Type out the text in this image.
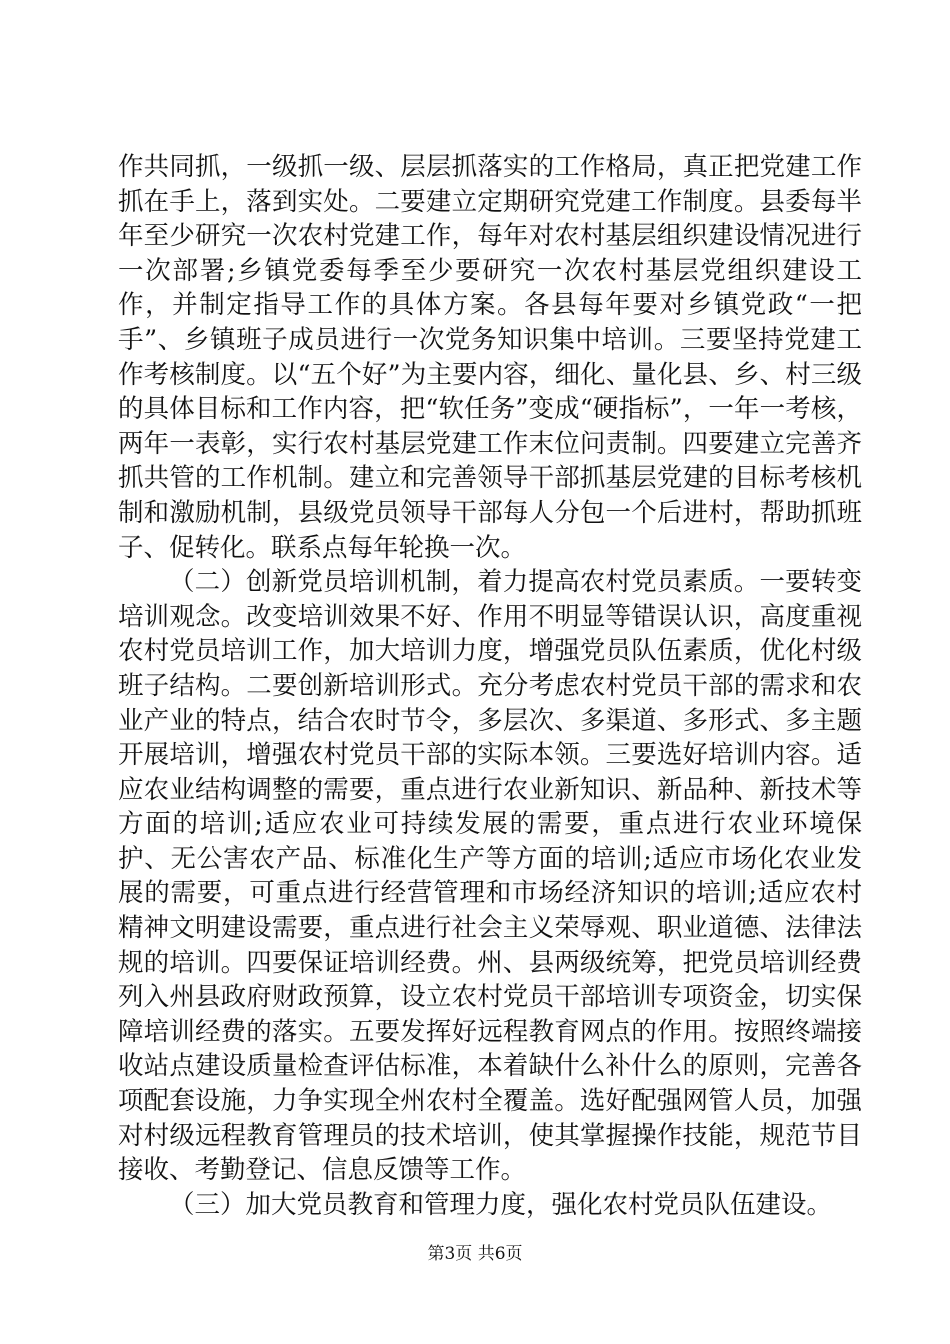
作共同抓，一级抓一级、层层抓落实的工作格局，真正把党建工作抓在手上，落到实处。二要建立定期研究党建工作制度。县委每半年至少研究一次农村党建工作，每年对农村基层组织建设情况进行一次部署;乡镇党委每季至少要研究一次农村基层党组织建设工作，并制定指导工作的具体方案。各县每年要对乡镇党政“一把手”、乡镇班子成员进行一次党务知识集中培训。三要坚持党建工作考核制度。以“五个好”为主要内容，细化、量化县、乡、村三级的具体目标和工作内容，把“软任务”变成“硬指标”，一年一考核，两年一表彰，实行农村基层党建工作末位问责制。四要建立完善齐抓共管的工作机制。建立和完善领导干部抓基层党建的目标考核机制和激励机制，县级党员领导干部每人分包一个后进村，帮助抓班子、促转化。联系点每年轮换一次。

（二）创新党员培训机制，着力提高农村党员素质。一要转变培训观念。改变培训效果不好、作用不明显等错误认识，高度重视农村党员培训工作，加大培训力度，增强党员队伍素质，优化村级班子结构。二要创新培训形式。充分考虑农村党员干部的需求和农业产业的特点，结合农时节令，多层次、多渠道、多形式、多主题开展培训，增强农村党员干部的实际本领。三要选好培训内容。适应农业结构调整的需要，重点进行农业新知识、新品种、新技术等方面的培训;适应农业可持续发展的需要，重点进行农业环境保护、无公害农产品、标准化生产等方面的培训;适应市场化农业发展的需要，可重点进行经营管理和市场经济知识的培训;适应农村精神文明建设需要，重点进行社会主义荣辱观、职业道德、法律法规的培训。四要保证培训经费。州、县两级统筹，把党员培训经费列入州县政府财政预算，设立农村党员干部培训专项资金，切实保障培训经费的落实。五要发挥好远程教育网点的作用。按照终端接收站点建设质量检查评估标准，本着缺什么补什么的原则，完善各项配套设施，力争实现全州农村全覆盖。选好配强网管人员，加强对村级远程教育管理员的技术培训，使其掌握操作技能，规范节目接收、考勤登记、信息反馈等工作。

（三）加大党员教育和管理力度，强化农村党员队伍建设。

第3页 共6页
